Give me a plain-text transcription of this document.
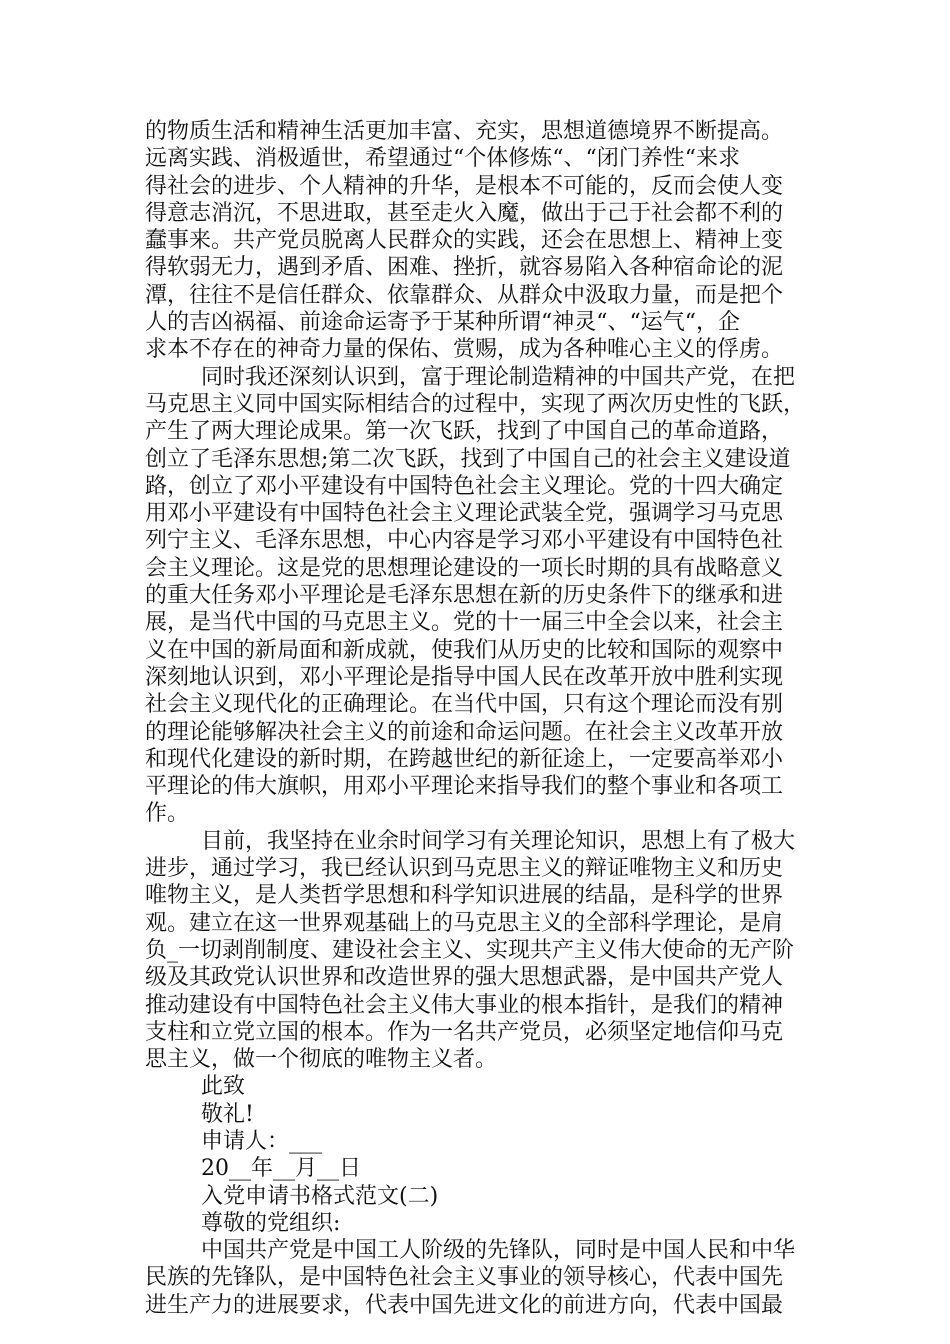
的物质生活和精神生活更加丰富、充实，思想道德境界不断提高。
远离实践、消极遁世，希望通过“个体修炼“、“闭门养性“来求
得社会的进步、个人精神的升华，是根本不可能的，反而会使人变
得意志消沉，不思进取，甚至走火入魔，做出于己于社会都不利的
蠢事来。共产党员脱离人民群众的实践，还会在思想上、精神上变
得软弱无力，遇到矛盾、困难、挫折，就容易陷入各种宿命论的泥
潭，往往不是信任群众、依靠群众、从群众中汲取力量，而是把个
人的吉凶祸福、前途命运寄予于某种所谓“神灵“、“运气“，企
求本不存在的神奇力量的保佑、赏赐，成为各种唯心主义的俘虏。
同时我还深刻认识到，富于理论制造精神的中国共产党，在把
马克思主义同中国实际相结合的过程中，实现了两次历史性的飞跃，
产生了两大理论成果。第一次飞跃，找到了中国自己的革命道路，
创立了毛泽东思想;第二次飞跃，找到了中国自己的社会主义建设道
路，创立了邓小平建设有中国特色社会主义理论。党的十四大确定
用邓小平建设有中国特色社会主义理论武装全党，强调学习马克思
列宁主义、毛泽东思想，中心内容是学习邓小平建设有中国特色社
会主义理论。这是党的思想理论建设的一项长时期的具有战略意义
的重大任务邓小平理论是毛泽东思想在新的历史条件下的继承和进
展，是当代中国的马克思主义。党的十一届三中全会以来，社会主
义在中国的新局面和新成就，使我们从历史的比较和国际的观察中
深刻地认识到，邓小平理论是指导中国人民在改革开放中胜利实现
社会主义现代化的正确理论。在当代中国，只有这个理论而没有别
的理论能够解决社会主义的前途和命运问题。在社会主义改革开放
和现代化建设的新时期，在跨越世纪的新征途上，一定要高举邓小
平理论的伟大旗帜，用邓小平理论来指导我们的整个事业和各项工
作。
目前，我坚持在业余时间学习有关理论知识，思想上有了极大
进步，通过学习，我已经认识到马克思主义的辩证唯物主义和历史
唯物主义，是人类哲学思想和科学知识进展的结晶，是科学的世界
观。建立在这一世界观基础上的马克思主义的全部科学理论，是肩
负_一切剥削制度、建设社会主义、实现共产主义伟大使命的无产阶
级及其政党认识世界和改造世界的强大思想武器，是中国共产党人
推动建设有中国特色社会主义伟大事业的根本指针，是我们的精神
支柱和立党立国的根本。作为一名共产党员，必须坚定地信仰马克
思主义，做一个彻底的唯物主义者。
此致
敬礼!
申请人：___
20__年__月__日
入党申请书格式范文(二)
尊敬的党组织:
中国共产党是中国工人阶级的先锋队，同时是中国人民和中华
民族的先锋队，是中国特色社会主义事业的领导核心，代表中国先
进生产力的进展要求，代表中国先进文化的前进方向，代表中国最
